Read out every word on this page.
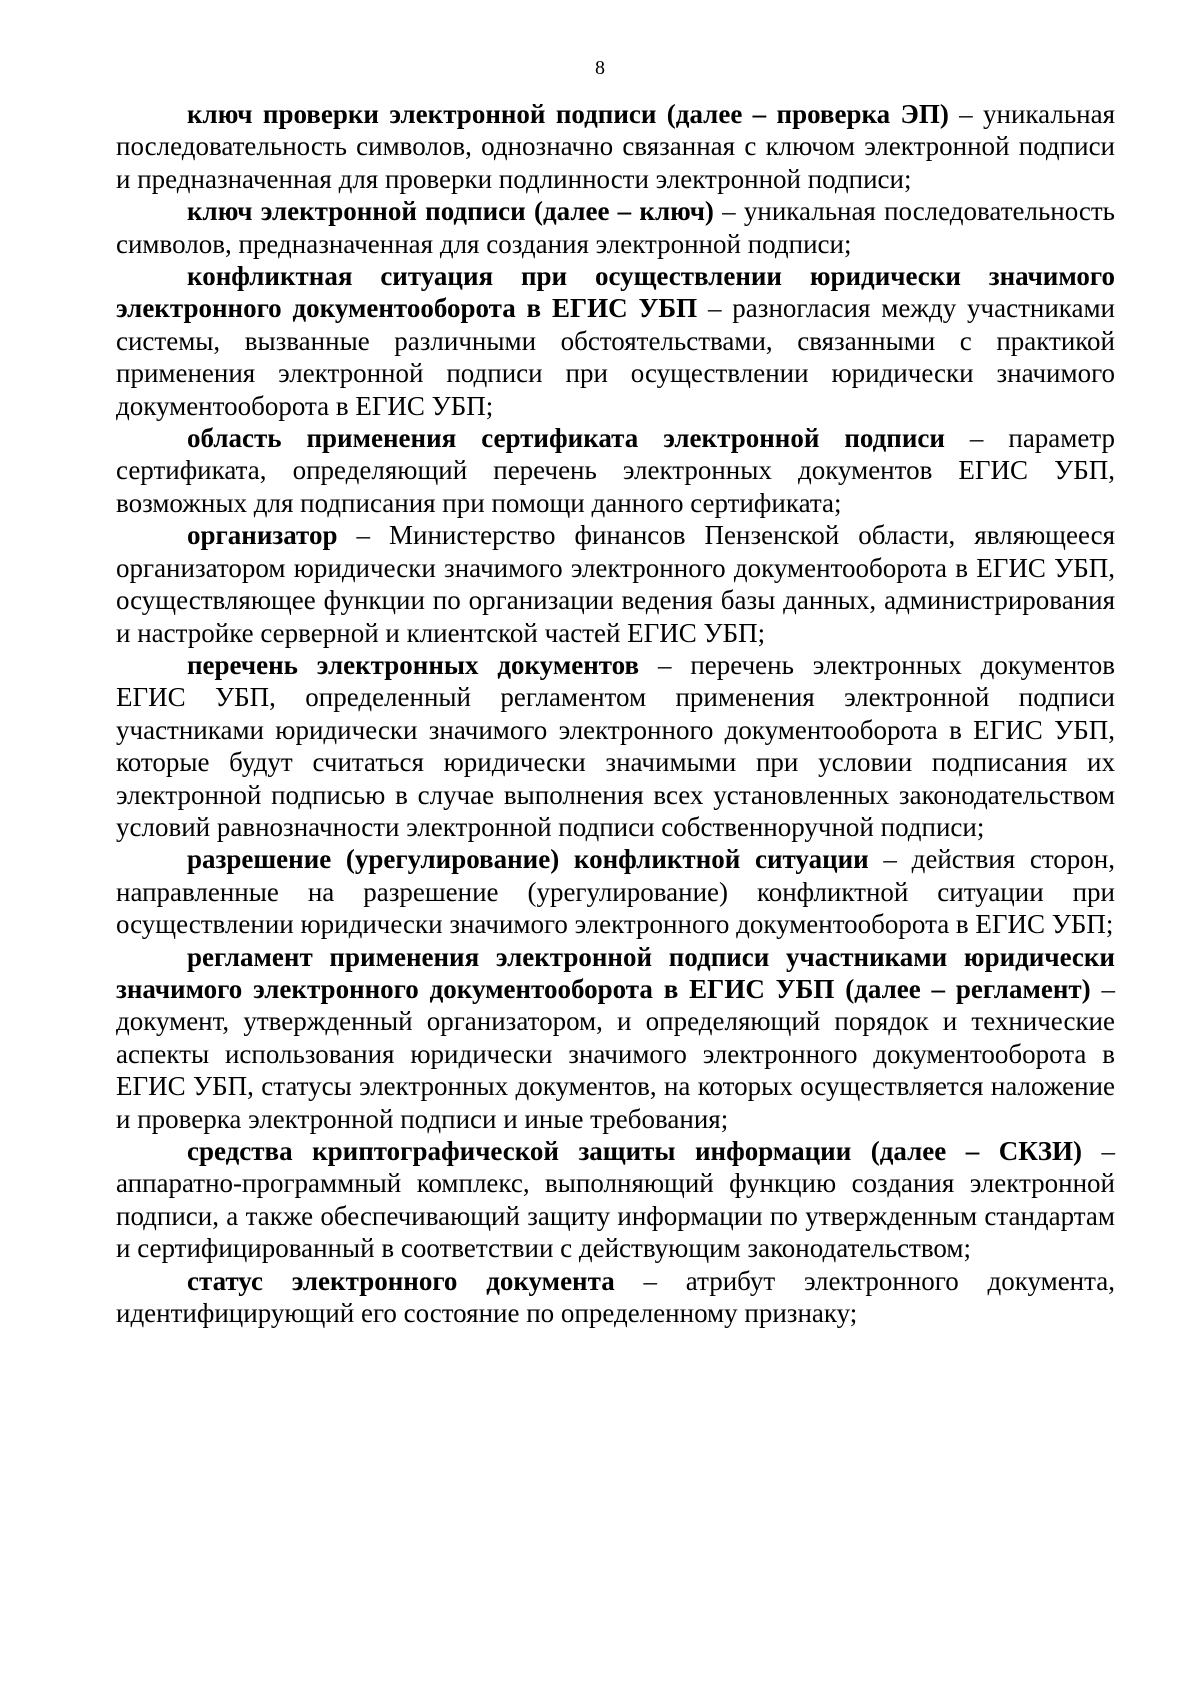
8

ключ проверки электронной подписи (далее – проверка ЭП) – уникальная последовательность символов, однозначно связанная с ключом электронной подписи и предназначенная для проверки подлинности электронной подписи;

ключ электронной подписи (далее – ключ) – уникальная последовательность символов, предназначенная для создания электронной подписи;

конфликтная ситуация при осуществлении юридически значимого электронного документооборота в ЕГИС УБП – разногласия между участниками системы, вызванные различными обстоятельствами, связанными с практикой применения электронной подписи при осуществлении юридически значимого документооборота в ЕГИС УБП;

область применения сертификата электронной подписи – параметр сертификата, определяющий перечень электронных документов ЕГИС УБП, возможных для подписания при помощи данного сертификата;

организатор – Министерство финансов Пензенской области, являющееся организатором юридически значимого электронного документооборота в ЕГИС УБП, осуществляющее функции по организации ведения базы данных, администрирования и настройке серверной и клиентской частей ЕГИС УБП;

перечень электронных документов – перечень электронных документов ЕГИС УБП, определенный регламентом применения электронной подписи участниками юридически значимого электронного документооборота в ЕГИС УБП, которые будут считаться юридически значимыми при условии подписания их электронной подписью в случае выполнения всех установленных законодательством условий равнозначности электронной подписи собственноручной подписи;

разрешение (урегулирование) конфликтной ситуации – действия сторон, направленные на разрешение (урегулирование) конфликтной ситуации при осуществлении юридически значимого электронного документооборота в ЕГИС УБП;

регламент применения электронной подписи участниками юридически значимого электронного документооборота в ЕГИС УБП (далее – регламент) – документ, утвержденный организатором, и определяющий порядок и технические аспекты использования юридически значимого электронного документооборота в ЕГИС УБП, статусы электронных документов, на которых осуществляется наложение и проверка электронной подписи и иные требования;

средства криптографической защиты информации (далее – СКЗИ) – аппаратно-программный комплекс, выполняющий функцию создания электронной подписи, а также обеспечивающий защиту информации по утвержденным стандартам и сертифицированный в соответствии с действующим законодательством;

статус электронного документа – атрибут электронного документа, идентифицирующий его состояние по определенному признаку;
